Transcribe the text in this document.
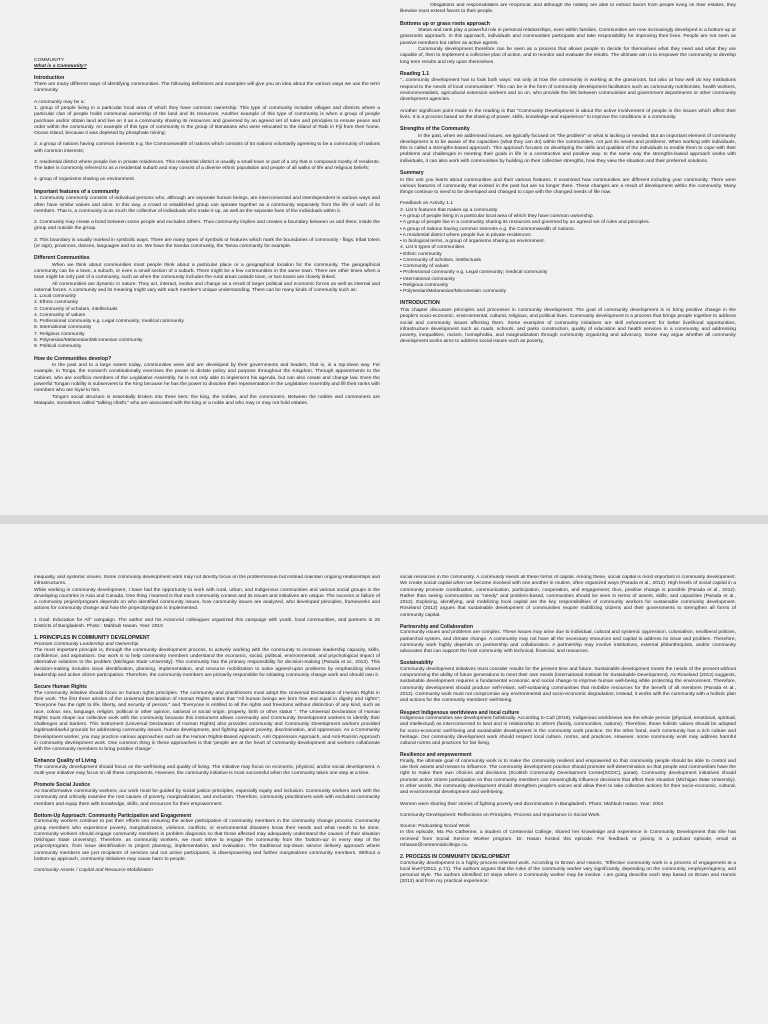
COMMUNITY
What is a Community?

Introduction

There are many different ways of identifying communities. The following definitions and examples will give you an idea about the various ways we use the term community.

A community may be a:

1. group of people living in a particular local area of which they have common ownership. This type of community includes villages and districts where a particular clan of people holds communal ownership of the land and its resources. Another example of this type of community is when a group of people purchase and/or obtain land and live on it as a community sharing its resources and governed by an agreed set of rules and principles to ensure peace and order within the community. An example of this type of community is the group of Banabans who were relocated to the island of Rabi in Fiji from their home, Ocean Island, because it was depleted by phosphate mining;

2. a group of nations having common interests e.g. the Commonwealth of nations which consists of 54 nations voluntarily agreeing to be a community of nations with common interests;

3. residential district where people live in private residences. This residential district is usually a small town or part of a city that is composed mostly of residents. The latter is commonly referred to as a residential suburb and may consist of a diverse ethnic population and people of all walks of life and religious beliefs;

4. group of organisms sharing an environment.

Important features of a community

1. Community commonly consists of individual persons who, although are separate human beings, are interconnected and interdependent in various ways and often have similar values and aims. In this way, a crowd or established group can operate together as a community separately from the life of each of its members. That is, a community is as much the collective of individuals who make it up, as well as the separate lives of the individuals within it.

2. Community may create a bond between some people and excludes others. Thus community implies and creates a boundary between us and them; inside the group and outside the group.

3. This boundary is usually marked in symbolic ways. There are many types of symbols or features which mark the boundaries of community - flags, tribal totem (or sign), provinces, dances, languages and so on. We have the Samba community, the Tanna community for example.

Different Communities

When we think about communities most people think about a particular place or a geographical location for the community. The geographical community can be a town, a suburb, or even a small section of a suburb. There might be a few communities in the same town. There are other times when a town might be only part of a community, such as when the community includes the rural areas outside town, or two towns are closely linked.

All communities are dynamic in nature. They act, interact, evolve and change as a result of larger political and economic forces as well as internal and external forces. A community and its meaning might vary with each member's unique understanding. There can be many kinds of community such as:

1. Local community
2. Ethnic community
3. Community of scholars, intellectuals
4. Community of values
5. Professional community e.g. Legal community; medical community
6. International community
7. Religious community
8. Polynesian/Melanesian/Micronesian community
9. Political community
How do Communities develop?

In the past and to a large extent today, communities were and are developed by their governments and leaders, that is, in a top-down way. For example, in Tonga, the monarch constitutionally exercises the power to dictate policy and purpose throughout the Kingdom. Through appointments to the Cabinet, who are exofficio members of the Legislative Assembly, he is not only able to implement his agenda, but can also create and change law. Even the powerful Tongan nobility is subservient to the King because he has the power to dissolve their representation in the Legislative Assembly and fill their ranks with members who are loyal to him.

Tonga's social structure is essentially broken into three tiers: the king, the nobles, and the commoners. Between the nobles and commoners are Matapule, sometimes called "talking chiefs," who are associated with the king or a noble and who may or may not hold estates.

Obligations and responsibilities are reciprocal, and although the nobility are able to extract favors from people living on their estates, they likewise must extend favors to their people.

Bottoms up or grass roots approach

Status and rank play a powerful role in personal relationships, even within families. Communities are now increasingly developed in a bottom-up or grassroots approach. In this approach, individuals and communities participate and take responsibility for improving their lives. People are not seen as passive members but rather as active agents.

Community development therefore can be seen as a process that allows people to decide for themselves what they need and what they are capable of, then to implement a collective plan of action, and to monitor and evaluate the results. The ultimate aim is to empower the community to develop long term results and rely upon themselves.

Reading 1.1

"...community development has to look both ways: not only at how the community is working at the grassroots, but also at how well do key institutions respond to the needs of local communities". This can be in the form of community development facilitators such as community nutritionists, health workers, environmentalists, agricultural extension workers and so on, who provide the link between communities and government departments or other community development agencies.

Another significant point made in the reading is that "Community Development is about the active involvement of people in the issues which affect their lives. It is a process based on the sharing of power, skills, knowledge and experience" to improve the conditions in a community.

Strengths of the Community

In the past, when we addressed issues, we typically focused on "the problem" or what is lacking or needed. But an important element of community development is to be aware of the capacities (what they can do) within the communities, not just its needs and problems. When working with individuals, this is called a strengths-based approach. This approach focuses on developing the skills and qualities of the individuals to enable them to cope with their problems and challenges in meeting their goals in life in a constructive and positive way. In the same way the strengths-based approach works with individuals, it can also work with communities by building on their collective strengths, how they view the situation and their preferred solutions.

Summary

In this unit you learnt about communities and their various features. It examined how communities are different including your community. There were various features of community that existed in the past but are no longer there. These changes are a result of development within the community. Many things continue to need to be developed and changed to cope with the changed needs of life now.

Feedback on Activity 1.1

3. List 5 features that makes up a community
• A group of people living in a particular local area of which they have common ownership.
• A group of people live in a community sharing its resources and governed by an agreed set of rules and principles.
• A group of nations having common interests e.g. the Commonwealth of nations.
• A residential district where people live in private residences.
• In biological terms, a group of organisms sharing an environment.
4. List 5 types of communities
• Ethnic community
• Community of scholars, intellectuals
• Community of values
• Professional community e.g. Legal community; medical community
• International community
• Religious community
• Polynesian/Melanesian/Micronesian community
INTRODUCTION

This chapter discusses principles and processes in community development. The goal of community development is to bring positive change in the people's socio-economic, environmental, cultural, religious, and political lives. Community development is a process that brings people together to address social and community issues affecting them. Some examples of community initiatives are skill enhancement for better livelihood opportunities, infrastructure development such as roads, schools, and parks construction, quality of education and health services in a community, and addressing poverty, inequalities, racism, homophobia, and marginalization through community organizing and advocacy. Some may argue whether all community development works aims to address social issues such as poverty,

inequality, and systemic issues. Some community development work may not directly focus on the problem/issue but instead maintain ongoing relationships and infrastructures.

While working in community development, I have had the opportunity to work with rural, urban, and Indigenous communities and various social groups in the developing countries in Asia and Canada. One thing I learned is that each community context and its issues and initiatives are unique. The success or failure of a community project/program depends on who identified community issues, how community issues are analyzed, who developed principles, frameworks and actions for community change and how the project/program is implemented.

1 Goal: Education for All" campaign. The author and his ActionAid colleagues organized this campaign with youth, local communities, and partners in 26 Districts of Bangladesh. Photo : Mahbub Hasan, Year: 2010

1. PRINCIPLES IN COMMUNITY DEVELOPMENT

Promote Community Leadership and Ownership

The most important principle is, through the community development process, to actively working with the community to increase leadership capacity, skills, confidence, and aspirations. Our work is to help community members understand the economic, social, political, environmental, and psychological impact of alternative solutions to the problem (Michigan State University). The community has the primary responsibility for decision-making (Parada et al., 2012). This decision-making includes issue identification, planning, implementation, and resource mobilization to solve agreed-upon problems by emphasizing shared leadership and active citizen participation. Therefore, the community members are primarily responsible for initiating community change work and should own it.

Secure Human Rights

The community initiative should focus on human rights principles. The community and practitioners must adopt the Universal Declaration of Human Rights in their work. The first three articles of the Universal Declaration of Human Rights states that "All human beings are born free and equal in dignity and rights"; "Everyone has the right to life, liberty, and security of person," and "Everyone is entitled to all the rights and freedoms without distinction of any kind, such as race, colour, sex, language, religion, political or other opinion, national or social origin, property, birth or other status ". The Universal Declaration of Human Rights must shape our collective work with the community because this instrument allows community and Community Development workers to identify their challenges and barriers. This instrument (Universal Declaration of Human Rights) also provides community and Community Development workers provided legitimate/lawful grounds for addressing community issues, human development, and fighting against poverty, discrimination, and oppression. As a Community Development worker, you may practice various approaches such as the Human Rights-Based Approach, Anti Oppression Approach, and Anti-Racism Approach in community development work. One common thing in these approaches is that 'people are at the heart of community development and workers collaborate with the community members to bring positive change'.

Enhance Quality of Living

The community development should focus on the well-being and quality of living. The initiative may focus on economic, physical, and/or social development. A multi-year initiative may focus on all these components. However, the community initiative is most successful when the community takes one step at a time.

Promote Social Justice

As transformative community workers, our work must be guided by social justice principles, especially equity and inclusion. Community workers work with the community and critically examine the root causes of poverty, marginalization, and exclusion. Therefore, community practitioners work with excluded community members and equip them with knowledge, skills, and resources for their empowerment.

Bottom-Up Approach: Community Participation and Engagement

Community workers continue to put their efforts into ensuring the active participation of community members in the community change process. Community group members who experience poverty, marginalization, violence, conflicts, or environmental disasters know their needs and what needs to be done. Community workers should engage community members in problem diagnosis so that those affected may adequately understand the causes of their situation (Michigan State University). Therefore, as community workers, we must strive to engage the community from the 'bottom-up' in every step of the project/program, from issue identification to project planning, implementation, and evaluation. The traditional top-down service delivery approach where community members are just recipients of services and not active participants, is disempowering and further marginalizes community members. Without a bottom-up approach, community initiatives may cause harm to people.

Community Assets / Capital and Resource Mobilization

social resources in the community. A community needs all these forms of capital. Among these, social capital is most important in community development. We create social capital when we become involved with one another in routine, often organized ways (Parada et al., 2012). High levels of social capital in a community promote coordination, communication, participation, cooperation, and engagement; thus, positive change is possible (Parada et al., 2012). Rather than seeing communities as "needy" and problem-based, communities should be seen in terms of assets, skills, and capacities (Parada et al., 2012). Exploring, identifying, and mobilizing local capital are the key responsibilities of community workers for sustainable community development. Roseland (2012) argues that sustainable development of communities require mobilizing citizens and their governments to strengthen all forms of community capital.

Partnership and Collaboration

Community issues and problems are complex. These issues may arise due to individual, cultural and systemic oppression, colonialism, neoliberal policies, patriarchal system, and climate change. A community may not have all the necessary resources and capital to address its issue and problem. Therefore, community work highly depends on partnership and collaboration. A partnership may involve institutions, external philanthropists, and/or community advocates that can support the host community with technical, financial, and resources.

Sustainability

Community development initiatives must consider results for the present time and future. Sustainable development meets the needs of the present without compromising the ability of future generations to meet their own needs (International Institute for Sustainable Development). As Roseland (2012) suggests, sustainable development requires a fundamental economic and social change to improve human well-being while protecting the environment. Therefore, community development should produce self-reliant, self-sustaining communities that mobilize resources for the benefit of all members (Parada et al., 2012). Community work must not compromise any environmental and socio-economic degradation; instead, it works with the community with a holistic plan and actions for the community members' well-being.

Respect Indigenous worldviews and local culture

Indigenous communities see development holistically. According to Cull (2018), Indigenous worldviews see the whole person (physical, emotional, spiritual, and intellectual) as interconnected to land and in relationship to others (family, communities, nations). Therefore, these holistic values should be adopted for socio-economic well-being and sustainable development in the community work practice. On the other hand, each community has a rich culture and heritage. Our community development work should respect local culture, norms, and practices. However, some community work may address harmful cultural norms and practices for fair living.

Resilience and empowerment

Finally, the ultimate goal of community work is to make the community resilient and empowered so that community people should be able to control and use their assets and means to influence. The community development practice should promote self-determination so that people and communities have the right to make their own choices and decisions (Scottish Community Development Centre[SCDC], para6). Community development initiatives should promote active citizen participation so that community members can meaningfully influence decisions that affect their situation (Michigan State University). In other words, the community development should strengthen people's voices and allow them to take collective actions for their socio-economic, cultural, and environmental development and well-being.

Women were sharing their stories of fighting poverty and discrimination in Bangladesh. Photo: Mahbub Hasan, Year: 2004

Community Development: Reflections on Principles, Process and Importance in Social Work.

Source: Podcasting Social Work

In this episode, Ma Pia Catherine, a student of Centennial College, shared her knowledge and experience in Community Development that she has received from Social Service Worker program. Dr. Hasan hosted this episode. For feedback or joining in a podcast episode, email at mhasan@centennialcollege.ca.

2. PROCESS IN COMMUNITY DEVELOPMENT

Community development is a highly process-oriented work. According to Brown and Hannis, "Effective community work is a process of engagement at a local level"(2012, p.71). The authors argues that the roles of the community worker vary significantly, depending on the community, employer/agency, and personal style. The authors identified 10 steps where a Community worker may be involve. I am going describe each step based on Brown and Hannis (2012) and from my practical experience:
